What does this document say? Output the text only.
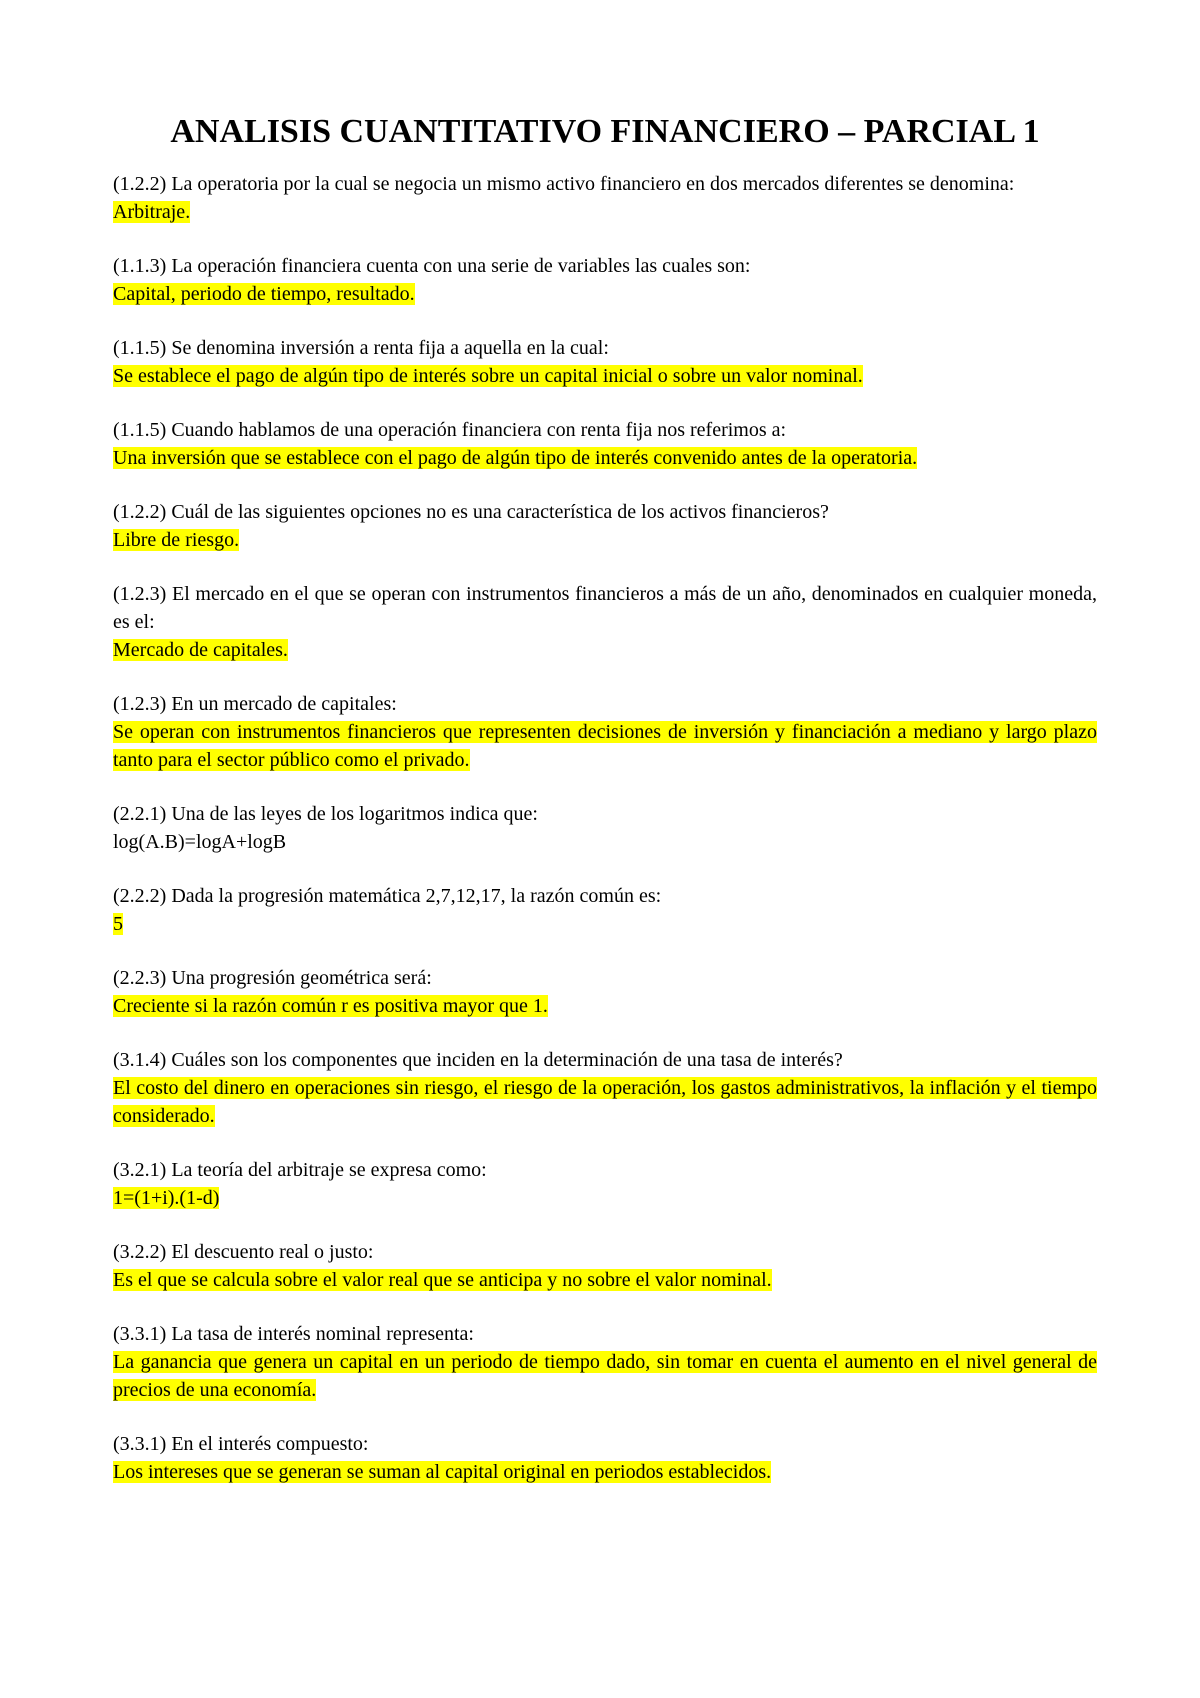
ANALISIS CUANTITATIVO FINANCIERO – PARCIAL 1

(1.2.2) La operatoria por la cual se negocia un mismo activo financiero en dos mercados diferentes se denomina:

Arbitraje.

(1.1.3) La operación financiera cuenta con una serie de variables las cuales son:

Capital, periodo de tiempo, resultado.

(1.1.5) Se denomina inversión a renta fija a aquella en la cual:

Se establece el pago de algún tipo de interés sobre un capital inicial o sobre un valor nominal.

(1.1.5) Cuando hablamos de una operación financiera con renta fija nos referimos a:

Una inversión que se establece con el pago de algún tipo de interés convenido antes de la operatoria.

(1.2.2) Cuál de las siguientes opciones no es una característica de los activos financieros?

Libre de riesgo.

(1.2.3) El mercado en el que se operan con instrumentos financieros a más de un año, denominados en cualquier moneda, es el:

Mercado de capitales.

(1.2.3) En un mercado de capitales:

Se operan con instrumentos financieros que representen decisiones de inversión y financiación a mediano y largo plazo tanto para el sector público como el privado.

(2.2.1) Una de las leyes de los logaritmos indica que:

log(A.B)=logA+logB

(2.2.2) Dada la progresión matemática 2,7,12,17, la razón común es:

5

(2.2.3) Una progresión geométrica será:

Creciente si la razón común r es positiva mayor que 1.

(3.1.4) Cuáles son los componentes que inciden en la determinación de una tasa de interés?

El costo del dinero en operaciones sin riesgo, el riesgo de la operación, los gastos administrativos, la inflación y el tiempo considerado.

(3.2.1) La teoría del arbitraje se expresa como:

1=(1+i).(1-d)

(3.2.2) El descuento real o justo:

Es el que se calcula sobre el valor real que se anticipa y no sobre el valor nominal.

(3.3.1) La tasa de interés nominal representa:

La ganancia que genera un capital en un periodo de tiempo dado, sin tomar en cuenta el aumento en el nivel general de precios de una economía.

(3.3.1) En el interés compuesto:

Los intereses que se generan se suman al capital original en periodos establecidos.
